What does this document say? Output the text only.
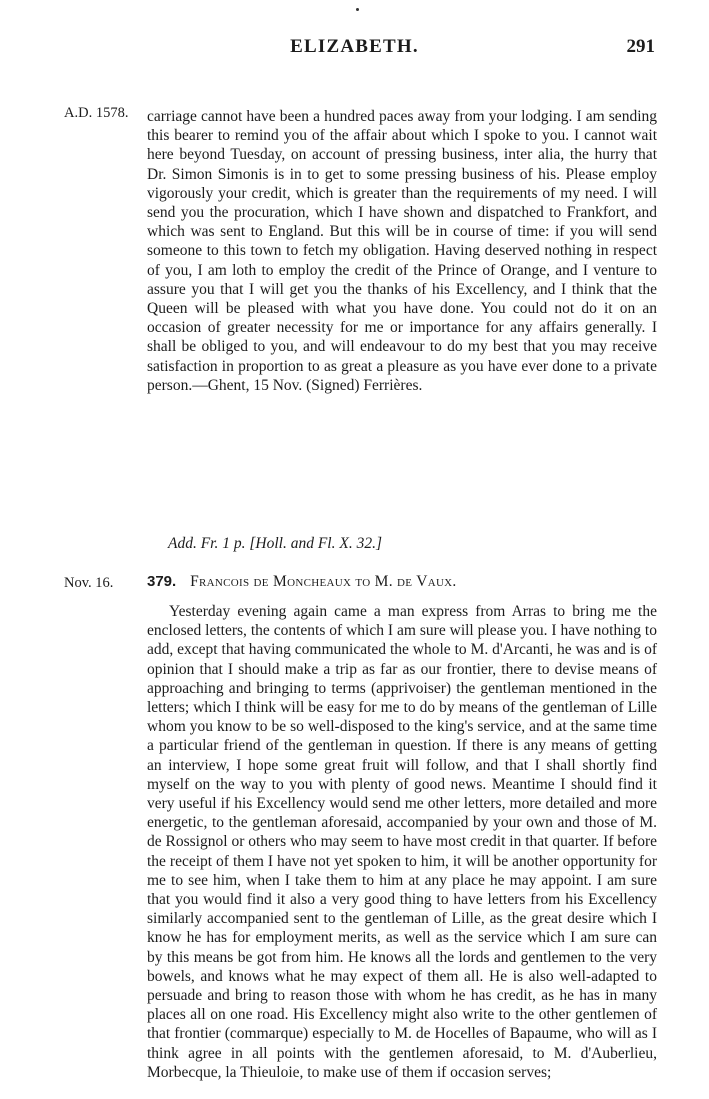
ELIZABETH.	291
A.D. 1578. carriage cannot have been a hundred paces away from your lodging. I am sending this bearer to remind you of the affair about which I spoke to you. I cannot wait here beyond Tuesday, on account of pressing business, inter alia, the hurry that Dr. Simon Simonis is in to get to some pressing business of his. Please employ vigorously your credit, which is greater than the requirements of my need. I will send you the procuration, which I have shown and dispatched to Frankfort, and which was sent to England. But this will be in course of time: if you will send someone to this town to fetch my obligation. Having deserved nothing in respect of you, I am loth to employ the credit of the Prince of Orange, and I venture to assure you that I will get you the thanks of his Excellency, and I think that the Queen will be pleased with what you have done. You could not do it on an occasion of greater necessity for me or importance for any affairs generally. I shall be obliged to you, and will endeavour to do my best that you may receive satisfaction in proportion to as great a pleasure as you have ever done to a private person.—Ghent, 15 Nov. (Signed) Ferrières.

Add. Fr. 1 p. [Holl. and Fl. X. 32.]
Nov. 16. 379. Francois de Moncheaux to M. de Vaux.

Yesterday evening again came a man express from Arras to bring me the enclosed letters, the contents of which I am sure will please you. I have nothing to add, except that having communicated the whole to M. d'Arcanti, he was and is of opinion that I should make a trip as far as our frontier, there to devise means of approaching and bringing to terms (apprivoiser) the gentleman mentioned in the letters; which I think will be easy for me to do by means of the gentleman of Lille whom you know to be so well-disposed to the king's service, and at the same time a particular friend of the gentleman in question. If there is any means of getting an interview, I hope some great fruit will follow, and that I shall shortly find myself on the way to you with plenty of good news. Meantime I should find it very useful if his Excellency would send me other letters, more detailed and more energetic, to the gentleman aforesaid, accompanied by your own and those of M. de Rossignol or others who may seem to have most credit in that quarter. If before the receipt of them I have not yet spoken to him, it will be another opportunity for me to see him, when I take them to him at any place he may appoint. I am sure that you would find it also a very good thing to have letters from his Excellency similarly accompanied sent to the gentleman of Lille, as the great desire which I know he has for employment merits, as well as the service which I am sure can by this means be got from him. He knows all the lords and gentlemen to the very bowels, and knows what he may expect of them all. He is also well-adapted to persuade and bring to reason those with whom he has credit, as he has in many places all on one road. His Excellency might also write to the other gentlemen of that frontier (commarque) especially to M. de Hocelles of Bapaume, who will as I think agree in all points with the gentlemen aforesaid, to M. d'Auberlieu, Morbecque, la Thieuloie, to make use of them if occasion serves;
